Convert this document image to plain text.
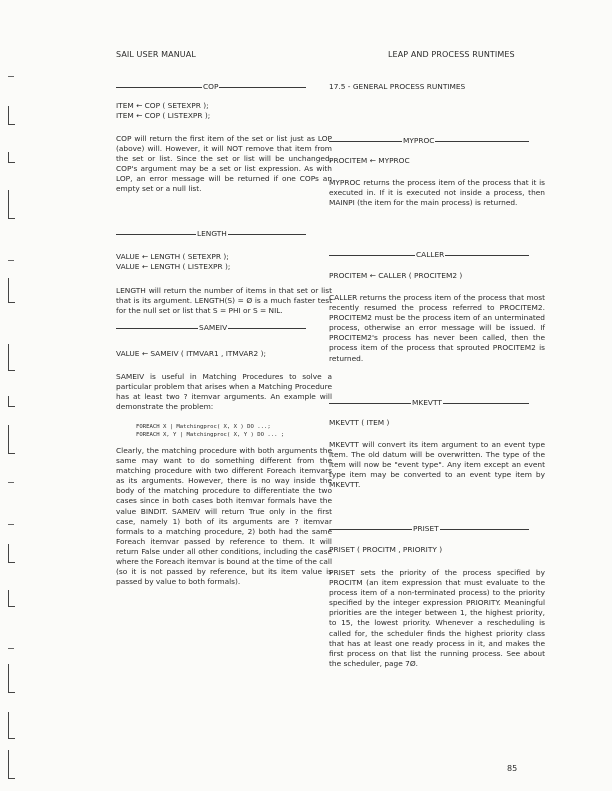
SAIL USER MANUAL	LEAP AND PROCESS RUNTIMES
COP
ITEM ← COP ( SETEXPR );
ITEM ← COP ( LISTEXPR );

COP will return the first item of the set or list just as LOP (above) will. However, it will NOT remove that item from the set or list. Since the set or list will be unchanged, COP's argument may be a set or list expression. As with LOP, an error message will be returned if one COPs an empty set or a null list.

LENGTH
VALUE ← LENGTH ( SETEXPR );
VALUE ← LENGTH ( LISTEXPR );

LENGTH will return the number of items in that set or list that is its argument. LENGTH(S) = Ø is a much faster test for the null set or list that S = PHI or S = NIL.

SAMEIV
VALUE ← SAMEIV ( ITMVAR1 , ITMVAR2 );

SAMEIV is useful in Matching Procedures to solve a particular problem that arises when a Matching Procedure has at least two ? itemvar arguments. An example will demonstrate the problem:

FOREACH X | Matchingproc( X, X ) DO ...;
FOREACH X, Y | Matchingproc( X, Y ) DO ... ;

Clearly, the matching procedure with both arguments the same may want to do something different from the matching procedure with two different Foreach itemvars as its arguments. However, there is no way inside the body of the matching procedure to differentiate the two cases since in both cases both itemvar formals have the value BINDIT. SAMEIV will return True only in the first case, namely 1) both of its arguments are ? itemvar formals to a matching procedure, 2) both had the same Foreach itemvar passed by reference to them. It will return False under all other conditions, including the case where the Foreach itemvar is bound at the time of the call (so it is not passed by reference, but its item value is passed by value to both formals).

17.5 - GENERAL PROCESS RUNTIMES
MYPROC
PROCITEM ← MYPROC

MYPROC returns the process item of the process that it is executed in. If it is executed not inside a process, then MAINPI (the item for the main process) is returned.

CALLER
PROCITEM ← CALLER ( PROCITEM2 )

CALLER returns the process item of the process that most recently resumed the process referred to PROCITEM2. PROCITEM2 must be the process item of an unterminated process, otherwise an error message will be issued. If PROCITEM2's process has never been called, then the process item of the process that sprouted PROCITEM2 is returned.

MKEVTT
MKEVTT ( ITEM )

MKEVTT will convert its item argument to an event type item. The old datum will be overwritten. The type of the item will now be "event type". Any item except an event type item may be converted to an event type item by MKEVTT.

PRISET
PRISET ( PROCITM , PRIORITY )

PRISET sets the priority of the process specified by PROCITM (an item expression that must evaluate to the process item of a non-terminated process) to the priority specified by the integer expression PRIORITY. Meaningful priorities are the integer between 1, the highest priority, to 15, the lowest priority. Whenever a rescheduling is called for, the scheduler finds the highest priority class that has at least one ready process in it, and makes the first process on that list the running process. See about the scheduler, page 7Ø.

85
